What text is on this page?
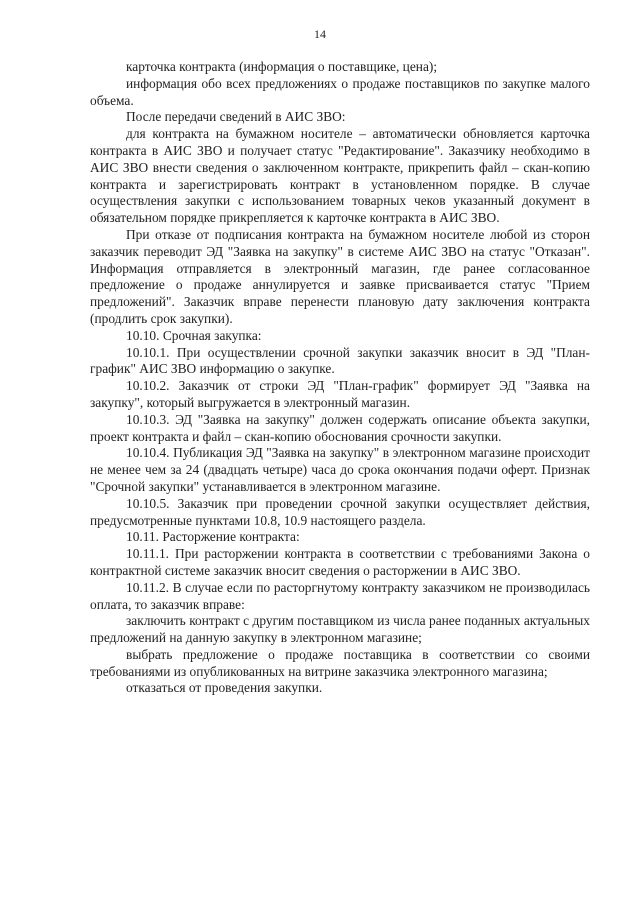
14

карточка контракта (информация о поставщике, цена);

информация обо всех предложениях о продаже поставщиков по закупке малого объема.

После передачи сведений в АИС ЗВО:

для контракта на бумажном носителе – автоматически обновляется карточка контракта в АИС ЗВО и получает статус "Редактирование". Заказчику необходимо в АИС ЗВО внести сведения о заключенном контракте, прикрепить файл – скан-копию контракта и зарегистрировать контракт в установленном порядке. В случае осуществления закупки с использованием товарных чеков указанный документ в обязательном порядке прикрепляется к карточке контракта в АИС ЗВО.

При отказе от подписания контракта на бумажном носителе любой из сторон заказчик переводит ЭД "Заявка на закупку" в системе АИС ЗВО на статус "Отказан". Информация отправляется в электронный магазин, где ранее согласованное предложение о продаже аннулируется и заявке присваивается статус "Прием предложений". Заказчик вправе перенести плановую дату заключения контракта (продлить срок закупки).

10.10. Срочная закупка:

10.10.1. При осуществлении срочной закупки заказчик вносит в ЭД "План-график" АИС ЗВО информацию о закупке.

10.10.2. Заказчик от строки ЭД "План-график" формирует ЭД "Заявка на закупку", который выгружается в электронный магазин.

10.10.3. ЭД "Заявка на закупку" должен содержать описание объекта закупки, проект контракта и файл – скан-копию обоснования срочности закупки.

10.10.4. Публикация ЭД "Заявка на закупку" в электронном магазине происходит не менее чем за 24 (двадцать четыре) часа до срока окончания подачи оферт. Признак "Срочной закупки" устанавливается в электронном магазине.

10.10.5. Заказчик при проведении срочной закупки осуществляет действия, предусмотренные пунктами 10.8, 10.9 настоящего раздела.

10.11. Расторжение контракта:

10.11.1. При расторжении контракта в соответствии с требованиями Закона о контрактной системе заказчик вносит сведения о расторжении в АИС ЗВО.

10.11.2. В случае если по расторгнутому контракту заказчиком не производилась оплата, то заказчик вправе:

заключить контракт с другим поставщиком из числа ранее поданных актуальных предложений на данную закупку в электронном магазине;

выбрать предложение о продаже поставщика в соответствии со своими требованиями из опубликованных на витрине заказчика электронного магазина;

отказаться от проведения закупки.
